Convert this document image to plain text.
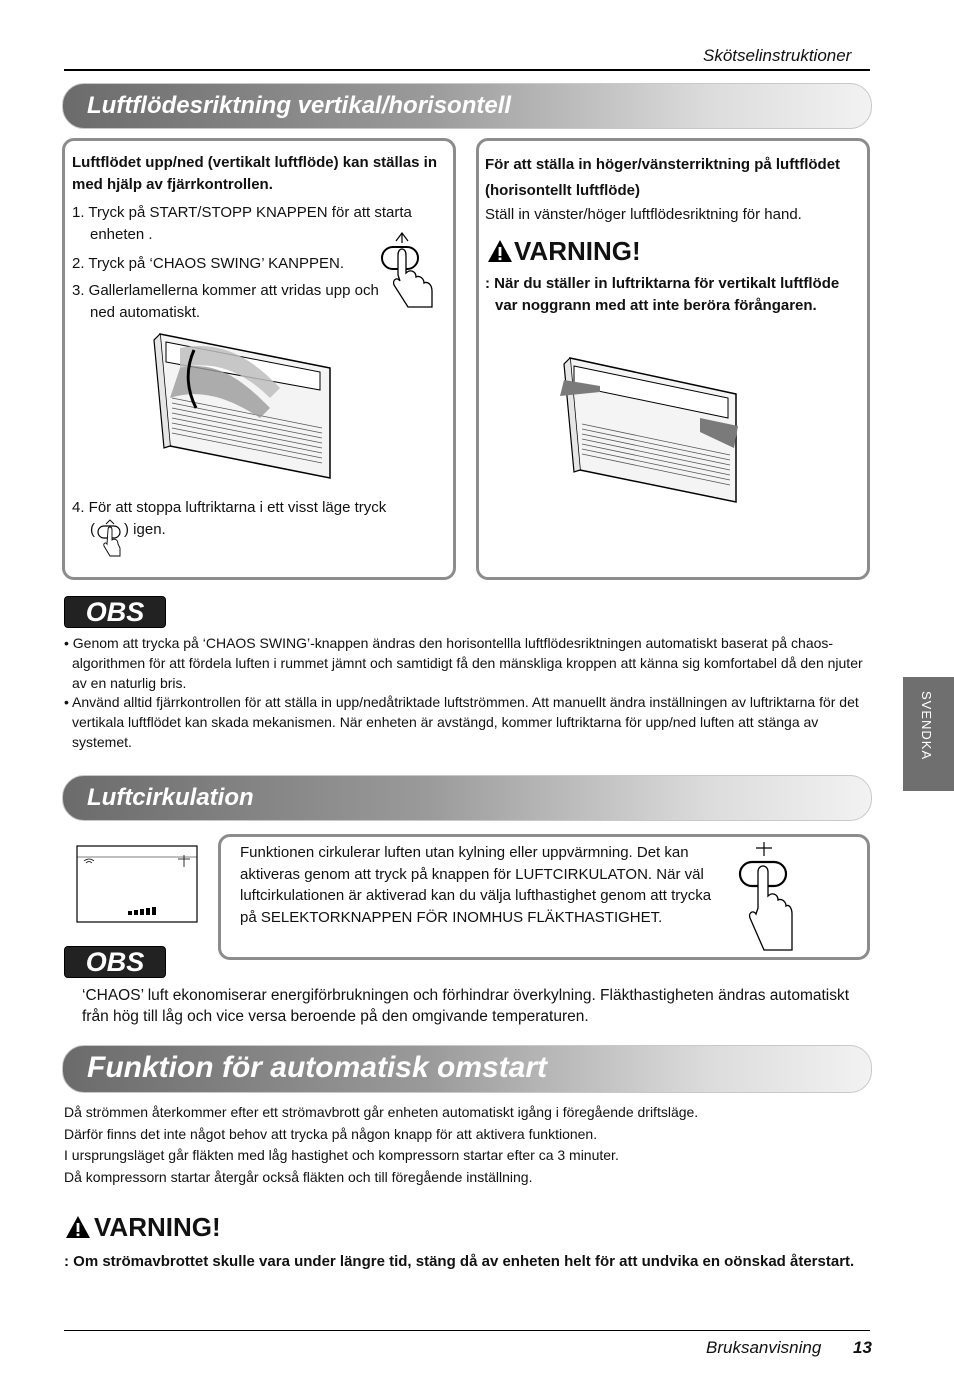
Skötselinstruktioner
Luftflödesriktning vertikal/horisontell
Luftflödet upp/ned (vertikalt luftflöde) kan ställas in med hjälp av fjärrkontrollen.
1. Tryck på START/STOPP KNAPPEN för att starta enheten .
2. Tryck på ‘CHAOS SWING’ KANPPEN.
3. Gallerlamellerna kommer att vridas upp och ned automatiskt.
4. För att stoppa luftriktarna i ett visst läge tryck
( ) igen.
För att ställa in höger/vänsterriktning på luftflödet (horisontellt luftflöde)
Ställ in vänster/höger luftflödesriktning för hand.
VARNING!
: När du ställer in luftriktarna för vertikalt luftflöde var noggrann med att inte beröra förångaren.
OBS
• Genom att trycka på ‘CHAOS SWING’-knappen ändras den horisontellla luftflödesriktningen automatiskt baserat på chaos-algorithmen för att fördela luften i rummet jämnt och samtidigt få den mänskliga kroppen att känna sig komfortabel då den njuter av en naturlig bris.
• Använd alltid fjärrkontrollen för att ställa in upp/nedåtriktade luftströmmen. Att manuellt ändra inställningen av luftriktarna för det vertikala luftflödet kan skada mekanismen. När enheten är avstängd, kommer luftriktarna för upp/ned luften att stänga av systemet.
Luftcirkulation
Funktionen cirkulerar luften utan kylning eller uppvärmning. Det kan aktiveras genom att tryck på knappen för LUFTCIRKULATON. När väl luftcirkulationen är aktiverad kan du välja lufthastighet genom att trycka på SELEKTORKNAPPEN FÖR INOMHUS FLÄKTHASTIGHET.
OBS
‘CHAOS’ luft ekonomiserar energiförbrukningen och förhindrar överkylning. Fläkthastigheten ändras automatiskt från hög till låg och vice versa beroende på den omgivande temperaturen.
Funktion för automatisk omstart
Då strömmen återkommer efter ett strömavbrott går enheten automatiskt igång i föregående driftsläge.
Därför finns det inte något behov att trycka på någon knapp för att aktivera funktionen.
I ursprungsläget går fläkten med låg hastighet och kompressorn startar efter ca 3 minuter.
Då kompressorn startar återgår också fläkten och till föregående inställning.
VARNING!
: Om strömavbrottet skulle vara under längre tid, stäng då av enheten helt för att undvika en oönskad återstart.
SVENDKA
Bruksanvisning 13
